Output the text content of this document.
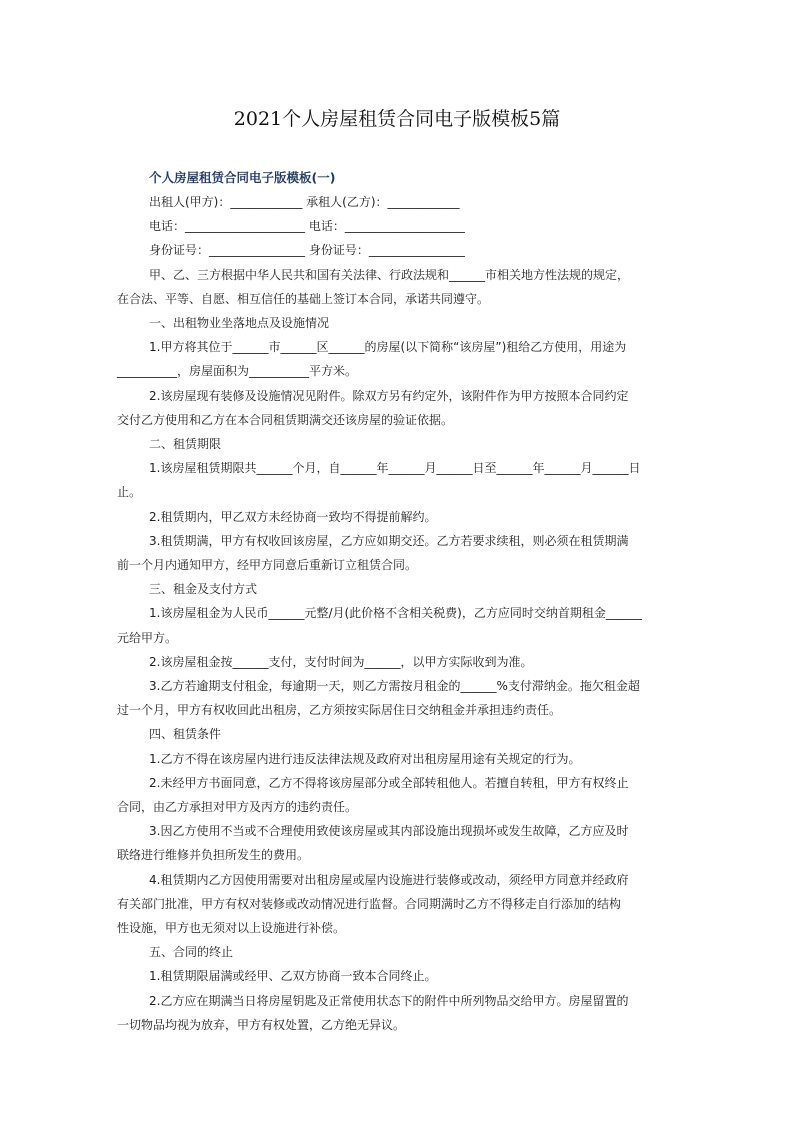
2021个人房屋租赁合同电子版模板5篇
个人房屋租赁合同电子版模板(一)
出租人(甲方)：____________ 承租人(乙方)：____________
电话：____________________ 电话：____________________
身份证号：________________ 身份证号：________________
甲、乙、三方根据中华人民共和国有关法律、行政法规和______市相关地方性法规的规定，
在合法、平等、自愿、相互信任的基础上签订本合同，承诺共同遵守。
一、出租物业坐落地点及设施情况
1.甲方将其位于______市______区______的房屋(以下简称“该房屋”)租给乙方使用，用途为
__________，房屋面积为__________平方米。
2.该房屋现有装修及设施情况见附件。除双方另有约定外，该附件作为甲方按照本合同约定
交付乙方使用和乙方在本合同租赁期满交还该房屋的验证依据。
二、租赁期限
1.该房屋租赁期限共______个月，自______年______月______日至______年______月______日
止。
2.租赁期内，甲乙双方未经协商一致均不得提前解约。
3.租赁期满，甲方有权收回该房屋，乙方应如期交还。乙方若要求续租，则必须在租赁期满
前一个月内通知甲方，经甲方同意后重新订立租赁合同。
三、租金及支付方式
1.该房屋租金为人民币______元整/月(此价格不含相关税费)，乙方应同时交纳首期租金______
元给甲方。
2.该房屋租金按______支付，支付时间为______，以甲方实际收到为准。
3.乙方若逾期支付租金，每逾期一天，则乙方需按月租金的______%支付滞纳金。拖欠租金超
过一个月，甲方有权收回此出租房，乙方须按实际居住日交纳租金并承担违约责任。
四、租赁条件
1.乙方不得在该房屋内进行违反法律法规及政府对出租房屋用途有关规定的行为。
2.未经甲方书面同意，乙方不得将该房屋部分或全部转租他人。若擅自转租，甲方有权终止
合同，由乙方承担对甲方及丙方的违约责任。
3.因乙方使用不当或不合理使用致使该房屋或其内部设施出现损坏或发生故障，乙方应及时
联络进行维修并负担所发生的费用。
4.租赁期内乙方因使用需要对出租房屋或屋内设施进行装修或改动，须经甲方同意并经政府
有关部门批准，甲方有权对装修或改动情况进行监督。合同期满时乙方不得移走自行添加的结构
性设施，甲方也无须对以上设施进行补偿。
五、合同的终止
1.租赁期限届满或经甲、乙双方协商一致本合同终止。
2.乙方应在期满当日将房屋钥匙及正常使用状态下的附件中所列物品交给甲方。房屋留置的
一切物品均视为放弃，甲方有权处置，乙方绝无异议。
